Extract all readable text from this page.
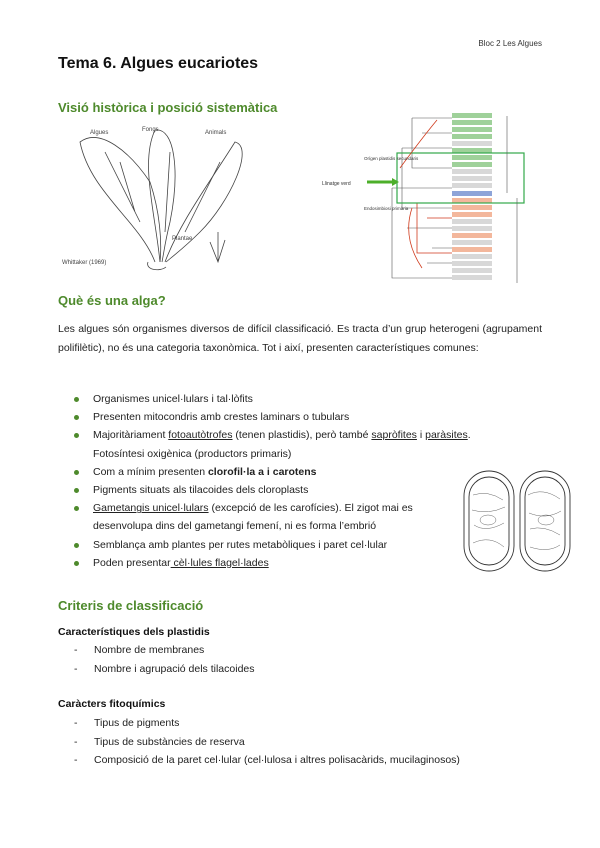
Bloc 2 Les Algues
Tema 6. Algues eucariotes
Visió històrica i posició sistemàtica
Algues	Fongs	Animals
Plantae
Whittaker (1969)
Llinatge verd
Orígen plastidis secundaris
Endosimbiosi primària
Què és una alga?
Les algues són organismes diversos de difícil classificació. Es tracta d’un grup heterogeni (agrupament polifilètic), no és una categoria taxonòmica. Tot i així, presenten característiques comunes:
Organismes unicel·lulars i tal·lòfits
Presenten mitocondris amb crestes laminars o tubulars
Majoritàriament fotoautòtrofes (tenen plastidis), però també sapròfites i paràsites. Fotosíntesi oxigènica (productors primaris)
Com a mínim presenten clorofil·la a i carotens
Pigments situats als tilacoides dels cloroplasts
Gametangis unicel·lulars (excepció de les carofícies). El zigot mai es desenvolupa dins del gametangi femení, ni es forma l’embrió
Semblança amb plantes per rutes metabòliques i paret cel·lular
Poden presentar cèl·lules flagel·lades
Criteris de classificació
Característiques dels plastidis
- Nombre de membranes
- Nombre i agrupació dels tilacoides
Caràcters fitoquímics
- Tipus de pigments
- Tipus de substàncies de reserva
- Composició de la paret cel·lular (cel·lulosa i altres polisacàrids, mucilaginosos)
